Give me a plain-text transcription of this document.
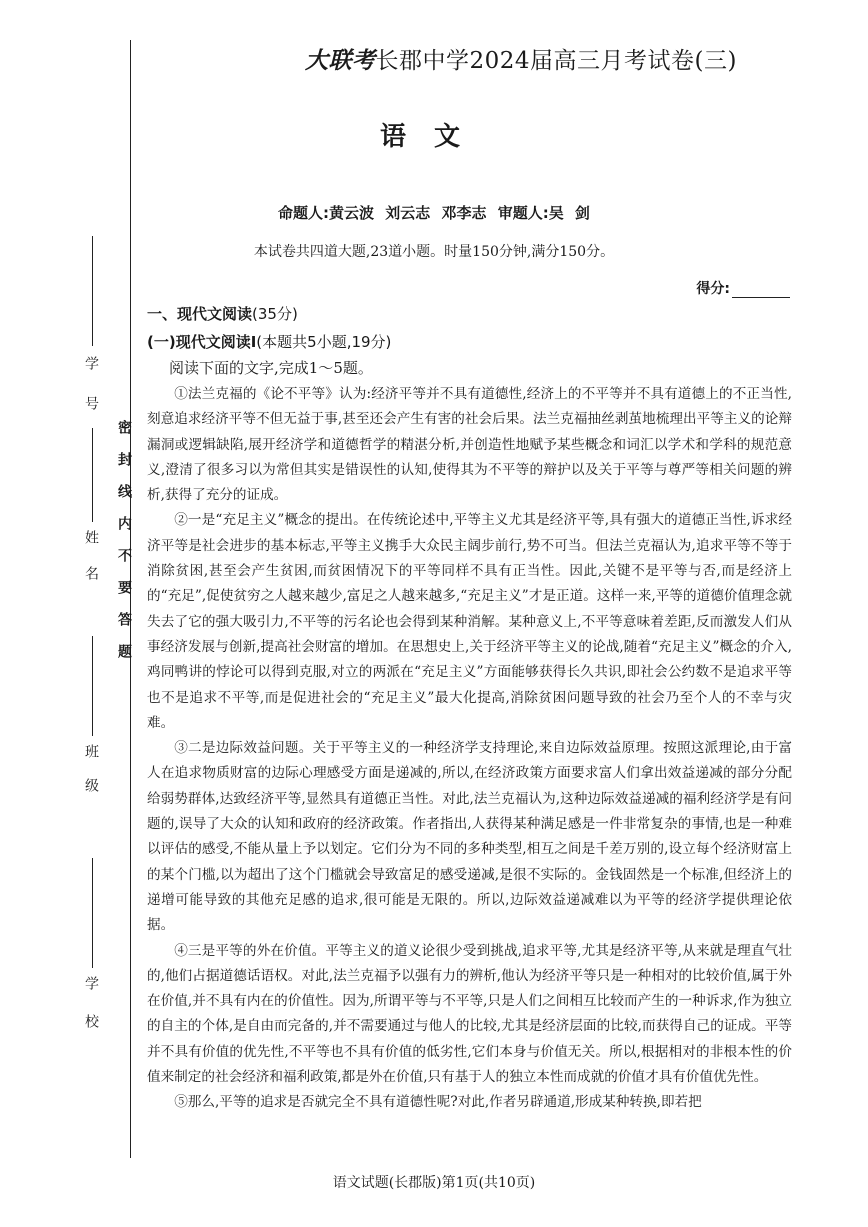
学号
姓名
班级
学校
密封线内不要答题
大联考长郡中学2024届高三月考试卷(三)
语文
命题人:黄云波 刘云志 邓李志 审题人:吴 剑
本试卷共四道大题,23道小题。时量150分钟,满分150分。
得分:
一、现代文阅读(35分)
(一)现代文阅读Ⅰ(本题共5小题,19分)
阅读下面的文字,完成1～5题。

①法兰克福的《论不平等》认为:经济平等并不具有道德性,经济上的不平等并不具有道德上的不正当性,刻意追求经济平等不但无益于事,甚至还会产生有害的社会后果。法兰克福抽丝剥茧地梳理出平等主义的论辩漏洞或逻辑缺陷,展开经济学和道德哲学的精湛分析,并创造性地赋予某些概念和词汇以学术和学科的规范意义,澄清了很多习以为常但其实是错误性的认知,使得其为不平等的辩护以及关于平等与尊严等相关问题的辨析,获得了充分的证成。

②一是“充足主义”概念的提出。在传统论述中,平等主义尤其是经济平等,具有强大的道德正当性,诉求经济平等是社会进步的基本标志,平等主义携手大众民主阔步前行,势不可当。但法兰克福认为,追求平等不等于消除贫困,甚至会产生贫困,而贫困情况下的平等同样不具有正当性。因此,关键不是平等与否,而是经济上的“充足”,促使贫穷之人越来越少,富足之人越来越多,“充足主义”才是正道。这样一来,平等的道德价值理念就失去了它的强大吸引力,不平等的污名论也会得到某种消解。某种意义上,不平等意味着差距,反而激发人们从事经济发展与创新,提高社会财富的增加。在思想史上,关于经济平等主义的论战,随着“充足主义”概念的介入,鸡同鸭讲的悖论可以得到克服,对立的两派在“充足主义”方面能够获得长久共识,即社会公约数不是追求平等也不是追求不平等,而是促进社会的“充足主义”最大化提高,消除贫困问题导致的社会乃至个人的不幸与灾难。

③二是边际效益问题。关于平等主义的一种经济学支持理论,来自边际效益原理。按照这派理论,由于富人在追求物质财富的边际心理感受方面是递减的,所以,在经济政策方面要求富人们拿出效益递减的部分分配给弱势群体,达致经济平等,显然具有道德正当性。对此,法兰克福认为,这种边际效益递减的福利经济学是有问题的,误导了大众的认知和政府的经济政策。作者指出,人获得某种满足感是一件非常复杂的事情,也是一种难以评估的感受,不能从量上予以划定。它们分为不同的多种类型,相互之间是千差万别的,设立每个经济财富上的某个门槛,以为超出了这个门槛就会导致富足的感受递减,是很不实际的。金钱固然是一个标准,但经济上的递增可能导致的其他充足感的追求,很可能是无限的。所以,边际效益递减难以为平等的经济学提供理论依据。

④三是平等的外在价值。平等主义的道义论很少受到挑战,追求平等,尤其是经济平等,从来就是理直气壮的,他们占据道德话语权。对此,法兰克福予以强有力的辨析,他认为经济平等只是一种相对的比较价值,属于外在价值,并不具有内在的价值性。因为,所谓平等与不平等,只是人们之间相互比较而产生的一种诉求,作为独立的自主的个体,是自由而完备的,并不需要通过与他人的比较,尤其是经济层面的比较,而获得自己的证成。平等并不具有价值的优先性,不平等也不具有价值的低劣性,它们本身与价值无关。所以,根据相对的非根本性的价值来制定的社会经济和福利政策,都是外在价值,只有基于人的独立本性而成就的价值才具有价值优先性。

⑤那么,平等的追求是否就完全不具有道德性呢?对此,作者另辟通道,形成某种转换,即若把

语文试题(长郡版)第1页(共10页)
